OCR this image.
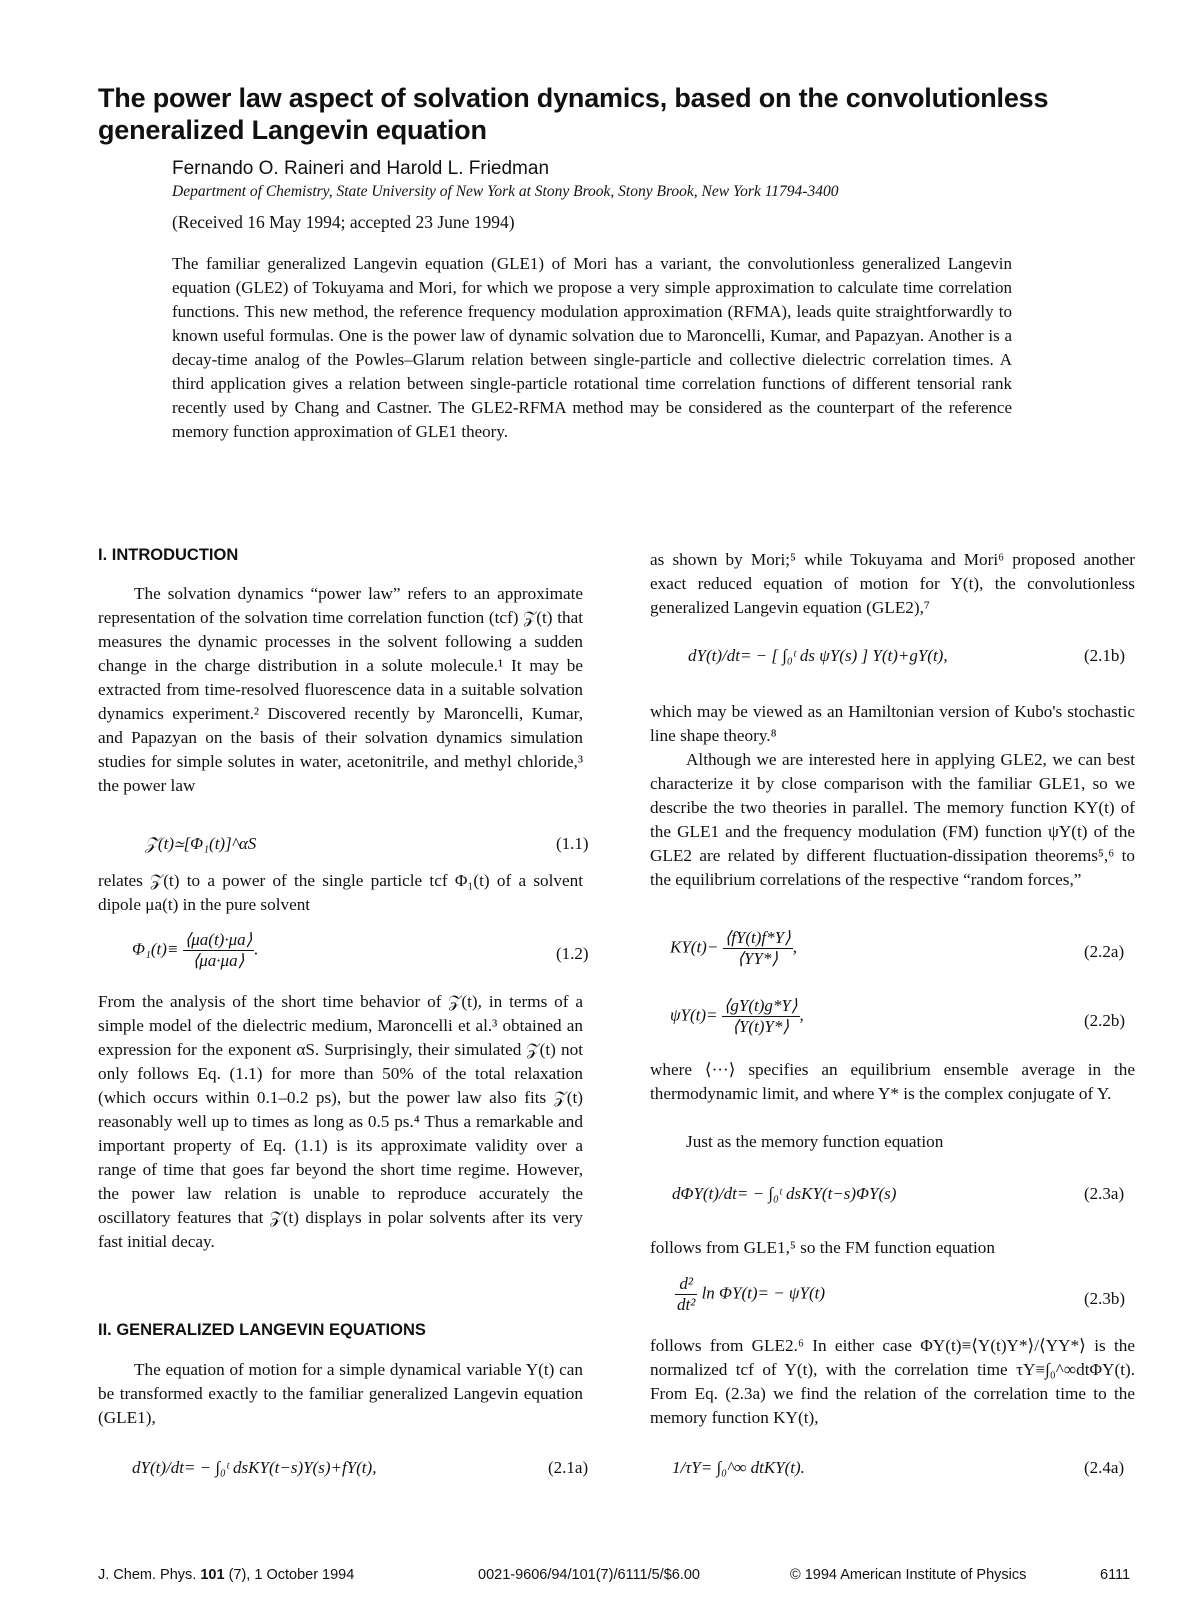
The power law aspect of solvation dynamics, based on the convolutionless generalized Langevin equation
Fernando O. Raineri and Harold L. Friedman
Department of Chemistry, State University of New York at Stony Brook, Stony Brook, New York 11794-3400
(Received 16 May 1994; accepted 23 June 1994)
The familiar generalized Langevin equation (GLE1) of Mori has a variant, the convolutionless generalized Langevin equation (GLE2) of Tokuyama and Mori, for which we propose a very simple approximation to calculate time correlation functions. This new method, the reference frequency modulation approximation (RFMA), leads quite straightforwardly to known useful formulas. One is the power law of dynamic solvation due to Maroncelli, Kumar, and Papazyan. Another is a decay-time analog of the Powles–Glarum relation between single-particle and collective dielectric correlation times. A third application gives a relation between single-particle rotational time correlation functions of different tensorial rank recently used by Chang and Castner. The GLE2-RFMA method may be considered as the counterpart of the reference memory function approximation of GLE1 theory.
I. INTRODUCTION

The solvation dynamics “power law” refers to an approximate representation of the solvation time correlation function (tcf) 𝒵(t) that measures the dynamic processes in the solvent following a sudden change in the charge distribution in a solute molecule.¹ It may be extracted from time-resolved fluorescence data in a suitable solvation dynamics experiment.² Discovered recently by Maroncelli, Kumar, and Papazyan on the basis of their solvation dynamics simulation studies for simple solutes in water, acetonitrile, and methyl chloride,³ the power law

𝒵(t)≃[Φ₁(t)]^αS	(1.1)

relates 𝒵(t) to a power of the single particle tcf Φ₁(t) of a solvent dipole μa(t) in the pure solvent

$\Phi_1(t)\equiv \frac{⟨\mu a(t)\cdot\mu a⟩}{⟨\mu a\cdot\mu a⟩}$ .	(1.2)

From the analysis of the short time behavior of 𝒵(t), in terms of a simple model of the dielectric medium, Maroncelli et al.³ obtained an expression for the exponent αS. Surprisingly, their simulated 𝒵(t) not only follows Eq. (1.1) for more than 50% of the total relaxation (which occurs within 0.1–0.2 ps), but the power law also fits 𝒵(t) reasonably well up to times as long as 0.5 ps.⁴ Thus a remarkable and important property of Eq. (1.1) is its approximate validity over a range of time that goes far beyond the short time regime. However, the power law relation is unable to reproduce accurately the oscillatory features that 𝒵(t) displays in polar solvents after its very fast initial decay.

II. GENERALIZED LANGEVIN EQUATIONS

The equation of motion for a simple dynamical variable Y(t) can be transformed exactly to the familiar generalized Langevin equation (GLE1),

dY(t)/dt= − ∫₀ᵗ dsKY(t−s)Y(s)+fY(t),	(2.1a)

as shown by Mori;⁵ while Tokuyama and Mori⁶ proposed another exact reduced equation of motion for Y(t), the convolutionless generalized Langevin equation (GLE2),⁷

dY(t)/dt= − [ ∫₀ᵗ ds ψY(s) ] Y(t)+gY(t),	(2.1b)

which may be viewed as an Hamiltonian version of Kubo's stochastic line shape theory.⁸

Although we are interested here in applying GLE2, we can best characterize it by close comparison with the familiar GLE1, so we describe the two theories in parallel. The memory function KY(t) of the GLE1 and the frequency modulation (FM) function ψY(t) of the GLE2 are related by different fluctuation-dissipation theorems⁵,⁶ to the equilibrium correlations of the respective “random forces,”

$KY(t)- \frac{⟨fY(t)f*Y⟩}{⟨YY*⟩}$ ,	(2.2a)
$\psi Y(t)= \frac{⟨gY(t)g*Y⟩}{⟨Y(t)Y*⟩}$ ,	(2.2b)

where ⟨···⟩ specifies an equilibrium ensemble average in the thermodynamic limit, and where Y* is the complex conjugate of Y.

Just as the memory function equation

dΦY(t)/dt= − ∫₀ᵗ dsKY(t−s)ΦY(s)	(2.3a)

follows from GLE1,⁵ so the FM function equation

$\frac{\text{d²}}{\text{dt²}}$ ln ΦY(t)= − ψY(t)	(2.3b)

follows from GLE2.⁶ In either case ΦY(t)≡⟨Y(t)Y*⟩/⟨YY*⟩ is the normalized tcf of Y(t), with the correlation time τY≡∫₀^∞dtΦY(t). From Eq. (2.3a) we find the relation of the correlation time to the memory function KY(t),

1/τY= ∫₀^∞ dtKY(t).	(2.4a)
J. Chem. Phys. 101 (7), 1 October 1994	0021-9606/94/101(7)/6111/5/$6.00	© 1994 American Institute of Physics	6111
